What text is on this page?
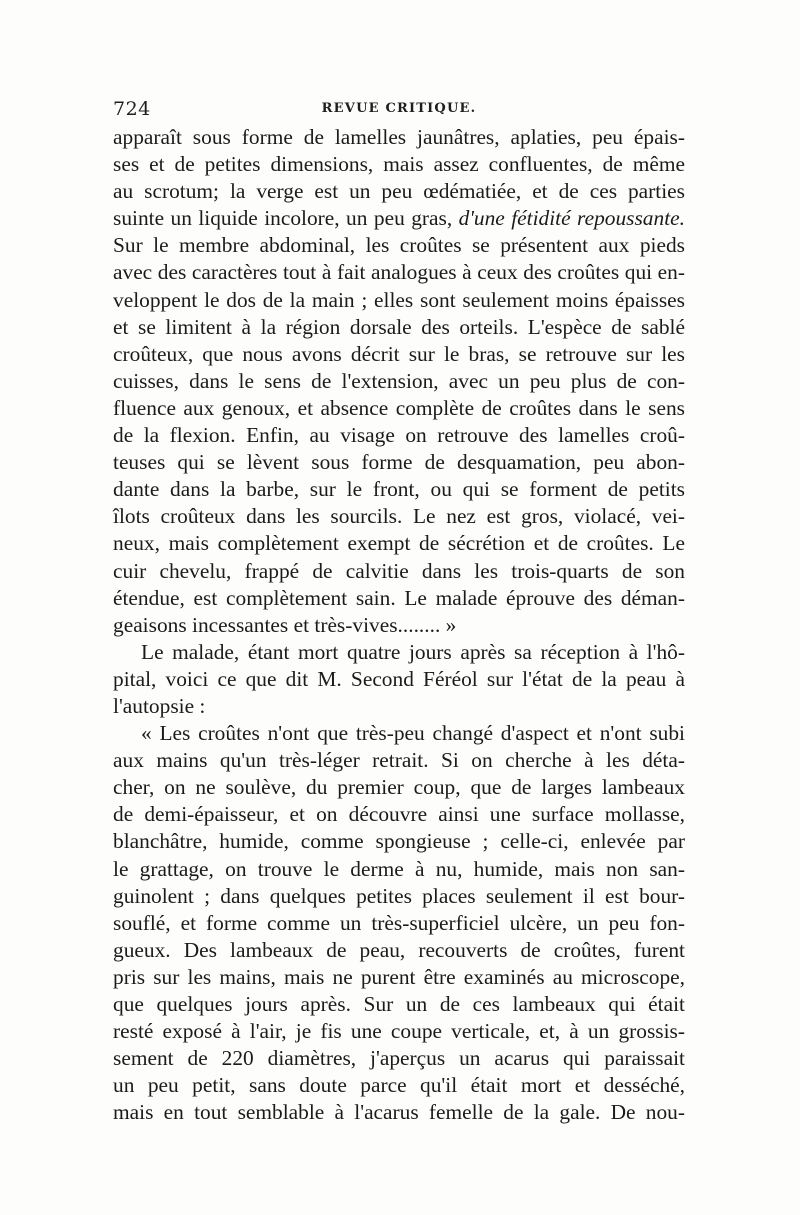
724	REVUE CRITIQUE.
apparaît sous forme de lamelles jaunâtres, aplaties, peu épais-
ses et de petites dimensions, mais assez confluentes, de même
au scrotum; la verge est un peu œdématiée, et de ces parties
suinte un liquide incolore, un peu gras, d'une fétidité repoussante.
Sur le membre abdominal, les croûtes se présentent aux pieds
avec des caractères tout à fait analogues à ceux des croûtes qui en-
veloppent le dos de la main ; elles sont seulement moins épaisses
et se limitent à la région dorsale des orteils. L'espèce de sablé
croûteux, que nous avons décrit sur le bras, se retrouve sur les
cuisses, dans le sens de l'extension, avec un peu plus de con-
fluence aux genoux, et absence complète de croûtes dans le sens
de la flexion. Enfin, au visage on retrouve des lamelles croû-
teuses qui se lèvent sous forme de desquamation, peu abon-
dante dans la barbe, sur le front, ou qui se forment de petits
îlots croûteux dans les sourcils. Le nez est gros, violacé, vei-
neux, mais complètement exempt de sécrétion et de croûtes. Le
cuir chevelu, frappé de calvitie dans les trois-quarts de son
étendue, est complètement sain. Le malade éprouve des déman-
geaisons incessantes et très-vives........ »
Le malade, étant mort quatre jours après sa réception à l'hô-
pital, voici ce que dit M. Second Féréol sur l'état de la peau à
l'autopsie :
« Les croûtes n'ont que très-peu changé d'aspect et n'ont subi
aux mains qu'un très-léger retrait. Si on cherche à les déta-
cher, on ne soulève, du premier coup, que de larges lambeaux
de demi-épaisseur, et on découvre ainsi une surface mollasse,
blanchâtre, humide, comme spongieuse ; celle-ci, enlevée par
le grattage, on trouve le derme à nu, humide, mais non san-
guinolent ; dans quelques petites places seulement il est bour-
souflé, et forme comme un très-superficiel ulcère, un peu fon-
gueux. Des lambeaux de peau, recouverts de croûtes, furent
pris sur les mains, mais ne purent être examinés au microscope,
que quelques jours après. Sur un de ces lambeaux qui était
resté exposé à l'air, je fis une coupe verticale, et, à un grossis-
sement de 220 diamètres, j'aperçus un acarus qui paraissait
un peu petit, sans doute parce qu'il était mort et desséché,
mais en tout semblable à l'acarus femelle de la gale. De nou-
